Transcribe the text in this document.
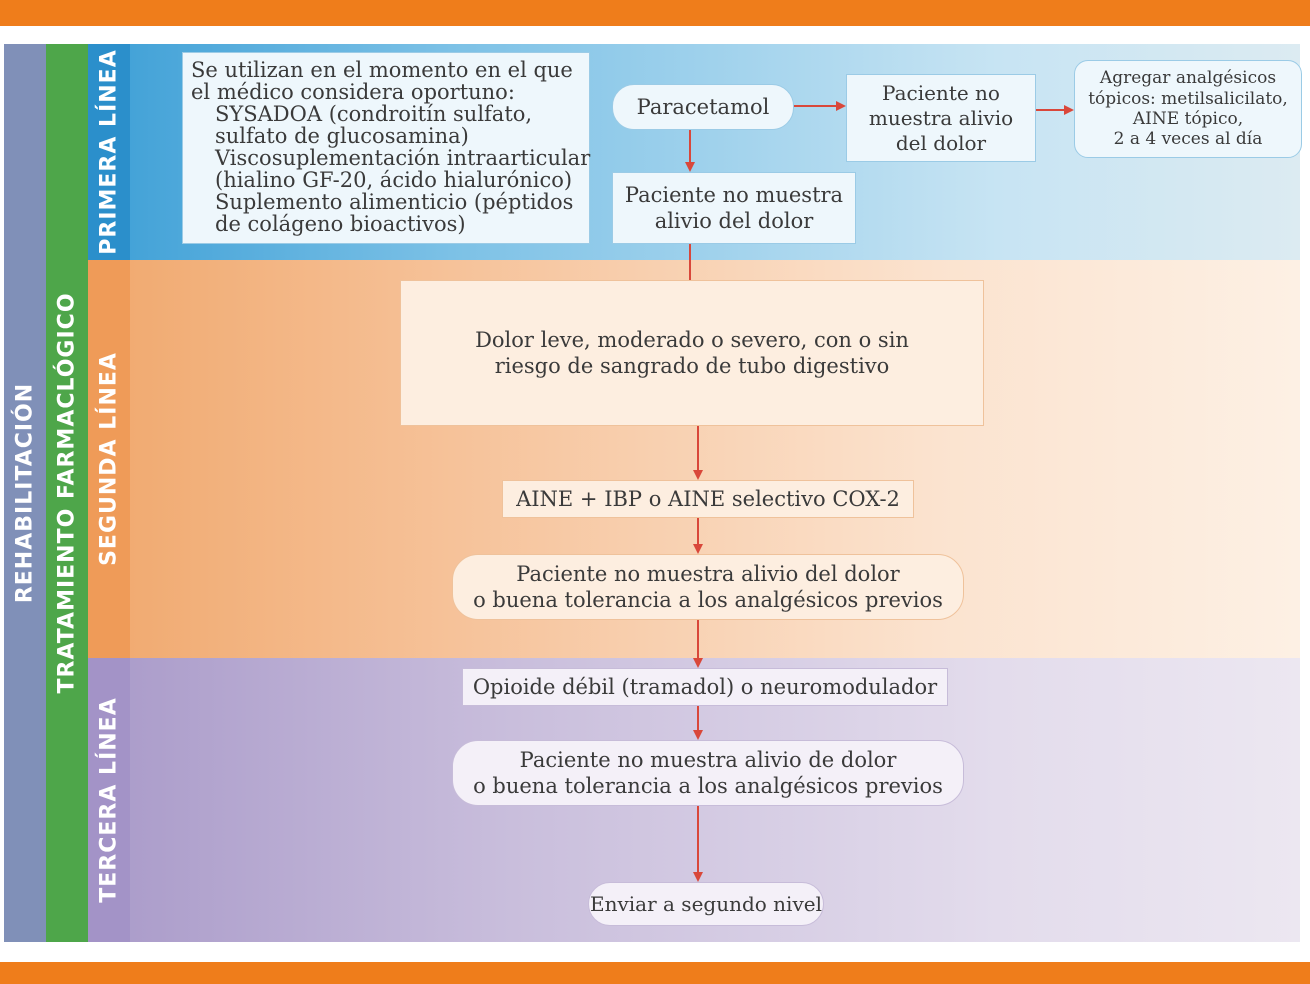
REHABILITACIÓN TRATAMIENTO FARMACLÓGICO
PRIMERA LÍNEA
SEGUNDA LÍNEA
TERCERA LÍNEA
Se utilizan en el momento en el que
el médico considera oportuno:
SYSADOA (condroitín sulfato,
sulfato de glucosamina)
Viscosuplementación intraarticular
(hialino GF-20, ácido hialurónico)
Suplemento alimenticio (péptidos
de colágeno bioactivos)
Paracetamol
Paciente no
muestra alivio
del dolor
Agregar analgésicos
tópicos: metilsalicilato,
AINE tópico,
2 a 4 veces al día
Paciente no muestra
alivio del dolor
Dolor leve, moderado o severo, con o sin
riesgo de sangrado de tubo digestivo
AINE + IBP o AINE selectivo COX-2
Paciente no muestra alivio del dolor
o buena tolerancia a los analgésicos previos
Opioide débil (tramadol) o neuromodulador
Paciente no muestra alivio de dolor
o buena tolerancia a los analgésicos previos
Enviar a segundo nivel
